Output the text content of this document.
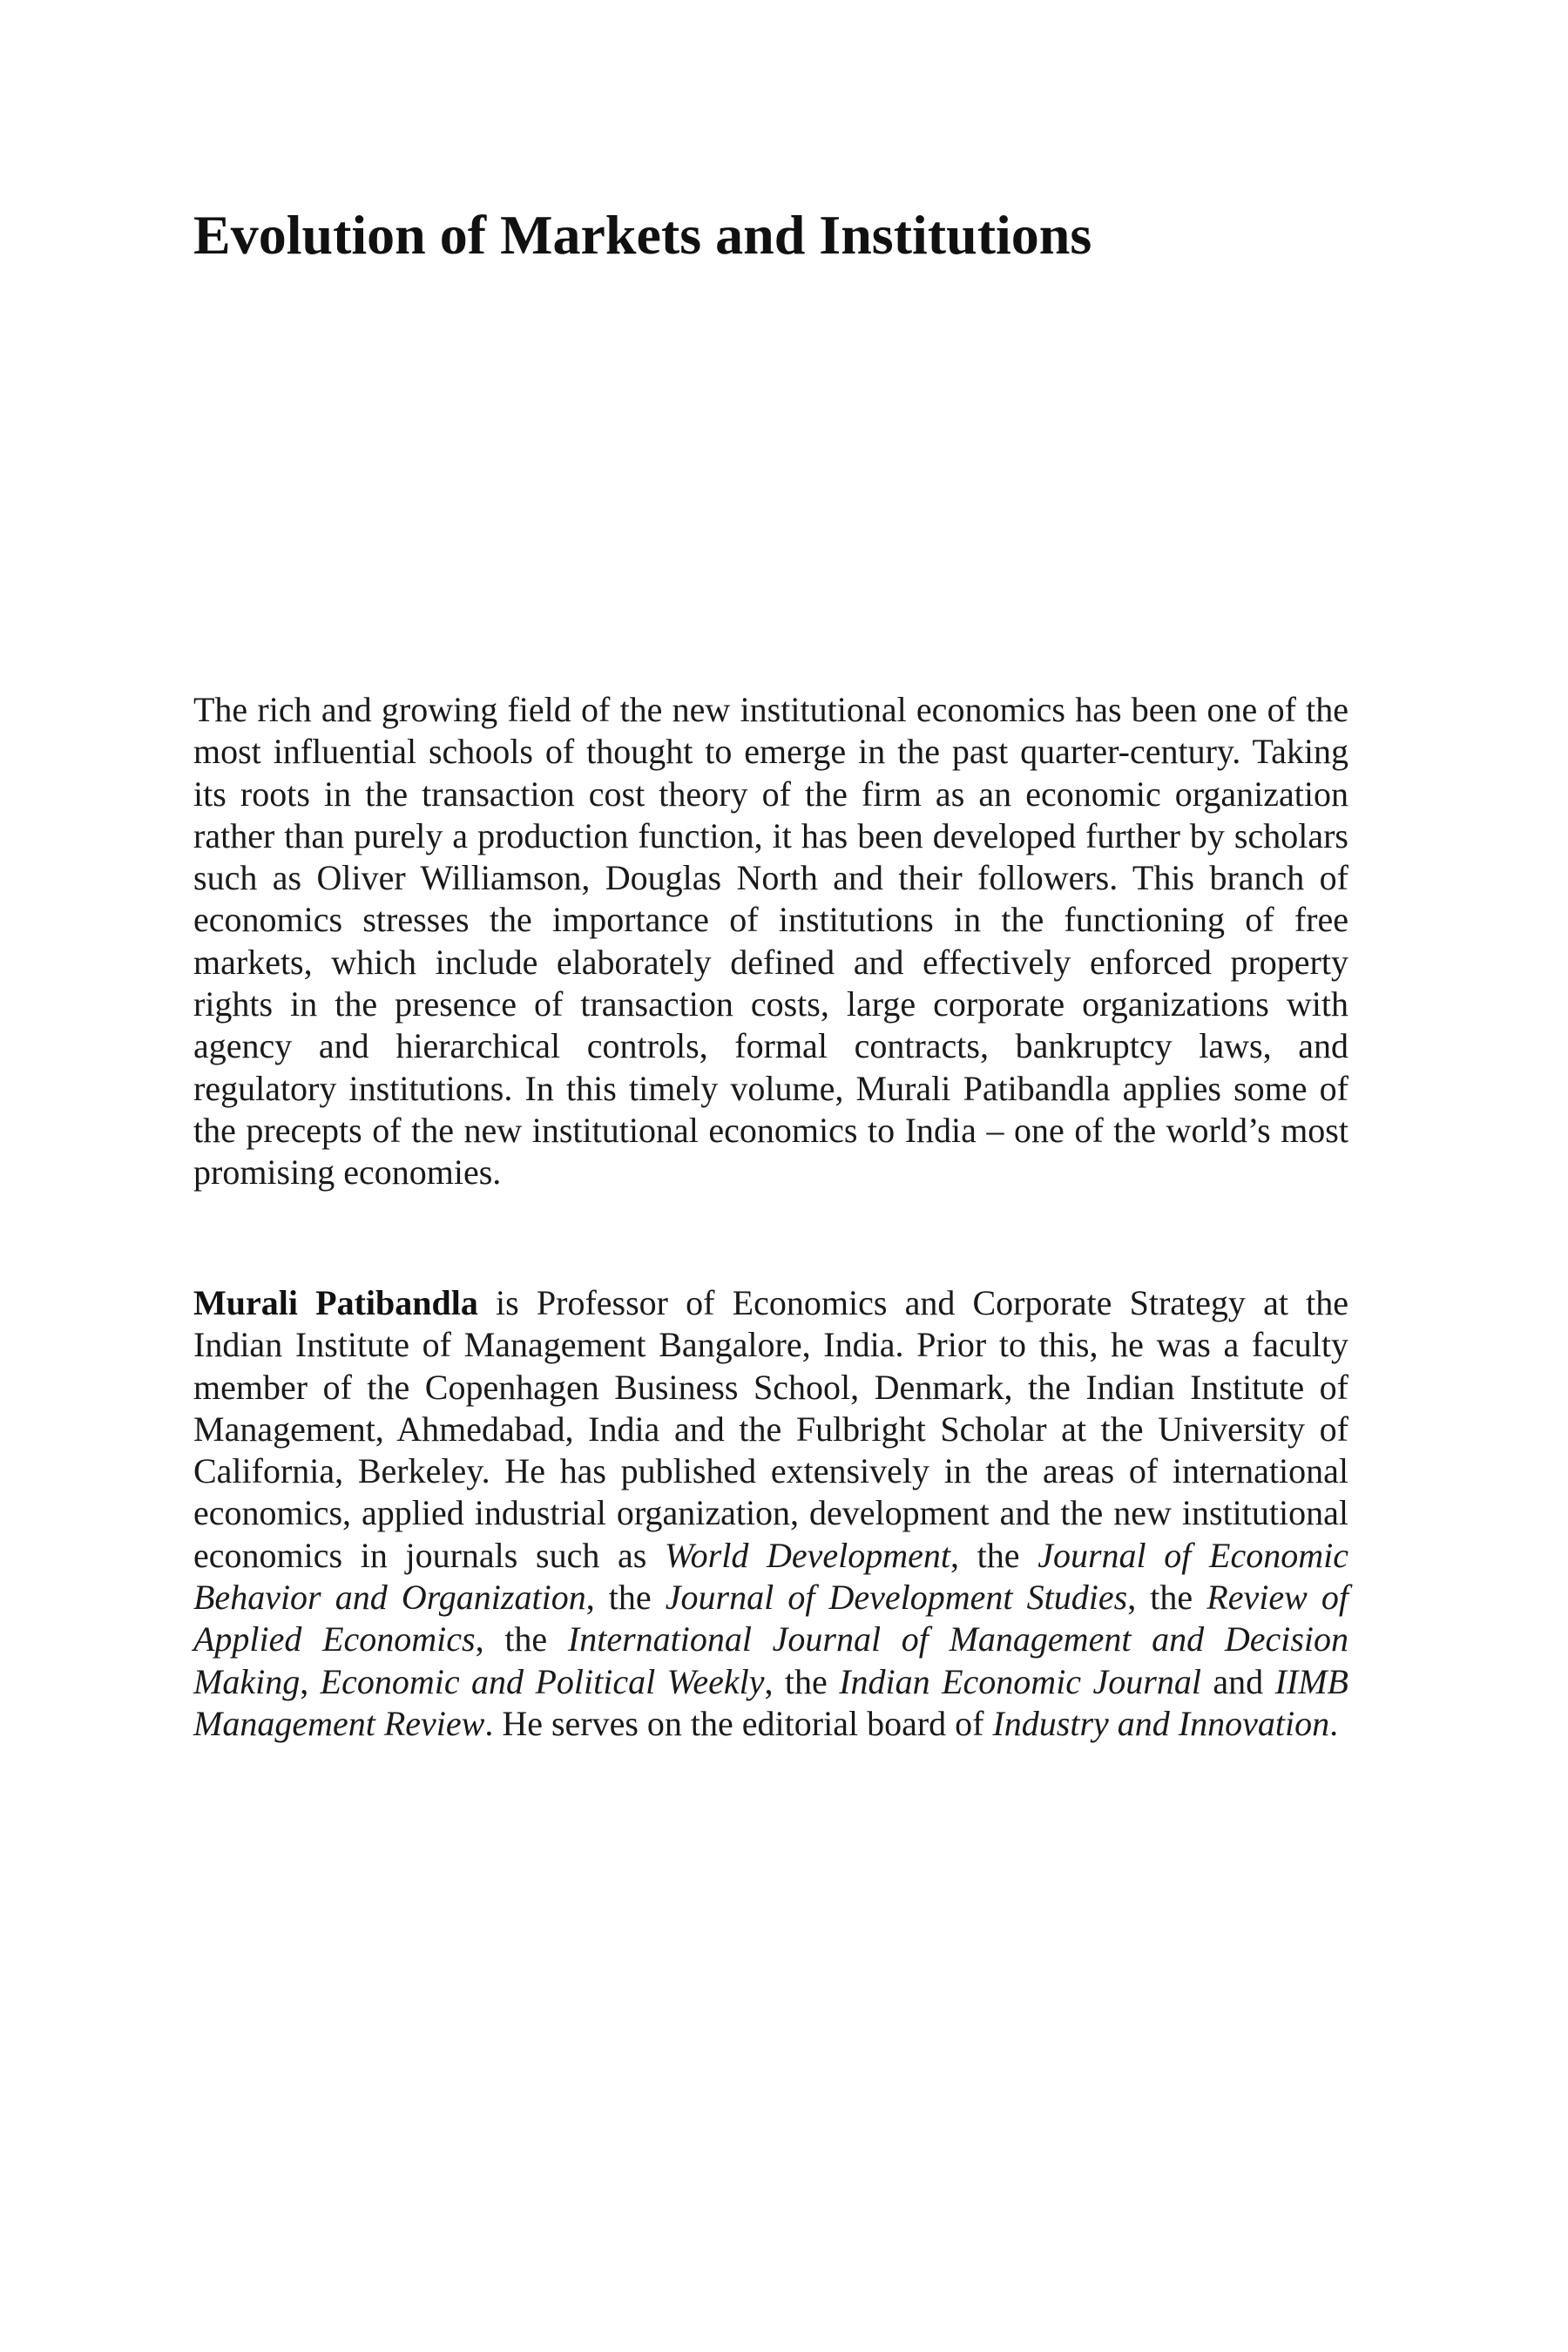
Evolution of Markets and Institutions

The rich and growing field of the new institutional economics has been one of the most influential schools of thought to emerge in the past quarter-century. Taking its roots in the transaction cost theory of the firm as an economic organization rather than purely a production function, it has been developed further by scholars such as Oliver Williamson, Douglas North and their followers. This branch of economics stresses the importance of institutions in the functioning of free markets, which include elaborately defined and effectively enforced property rights in the presence of transaction costs, large corporate organizations with agency and hierarchical controls, formal contracts, bankruptcy laws, and regulatory institutions. In this timely volume, Murali Patibandla applies some of the precepts of the new institutional economics to India – one of the world’s most promising economies.

Murali Patibandla is Professor of Economics and Corporate Strategy at the Indian Institute of Management Bangalore, India. Prior to this, he was a faculty member of the Copenhagen Business School, Denmark, the Indian Institute of Management, Ahmedabad, India and the Fulbright Scholar at the University of California, Berkeley. He has published extensively in the areas of international economics, applied industrial organization, development and the new institutional economics in journals such as World Development, the Journal of Economic Behavior and Organization, the Journal of Development Studies, the Review of Applied Economics, the International Journal of Management and Decision Making, Economic and Political Weekly, the Indian Economic Journal and IIMB Management Review. He serves on the editorial board of Industry and Innovation.
